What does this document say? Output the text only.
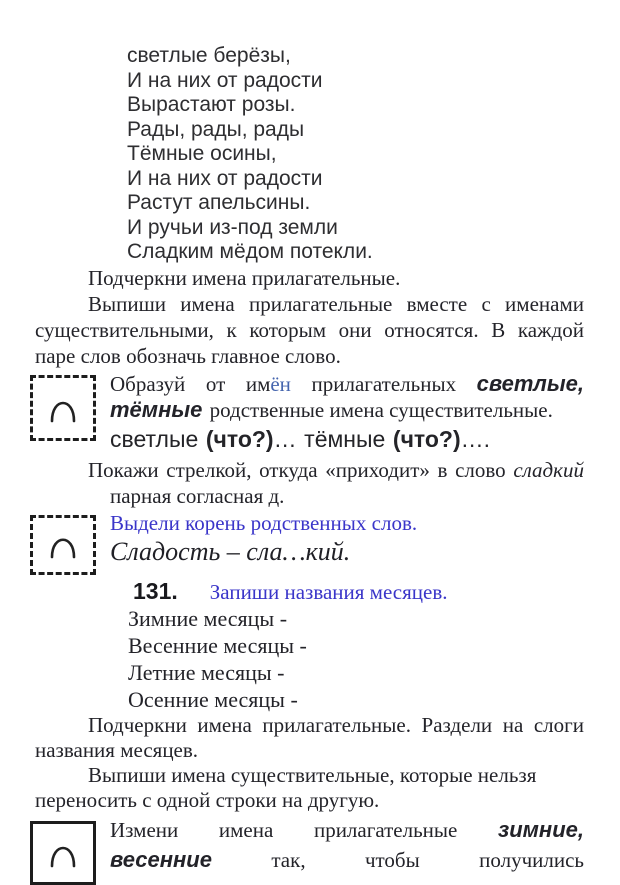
светлые берёзы,
И на них от радости
Вырастают розы.
Рады, рады, рады
Тёмные осины,
И на них от радости
Растут апельсины.
И ручьи из-под земли
Сладким мёдом потекли.
Подчеркни имена прилагательные.
Выпиши имена прилагательные вместе с именами
существительными, к которым они относятся. В каждой
паре слов обозначь главное слово.
Образуй от имён прилагательных светлые,
тёмные родственные имена существительные.
светлые (что?)… тёмные (что?)….
Покажи стрелкой, откуда «приходит» в слово сладкий
парная согласная д.
Выдели корень родственных слов.
Сладость – сла…кий.
131. Запиши названия месяцев.
Зимние месяцы -
Весенние месяцы -
Летние месяцы -
Осенние месяцы -
Подчеркни имена прилагательные. Раздели на слоги
названия месяцев.
Выпиши имена существительные, которые нельзя
переносить с одной строки на другую.
Измени имена прилагательные зимние,
весенние	так,	чтобы	получились
